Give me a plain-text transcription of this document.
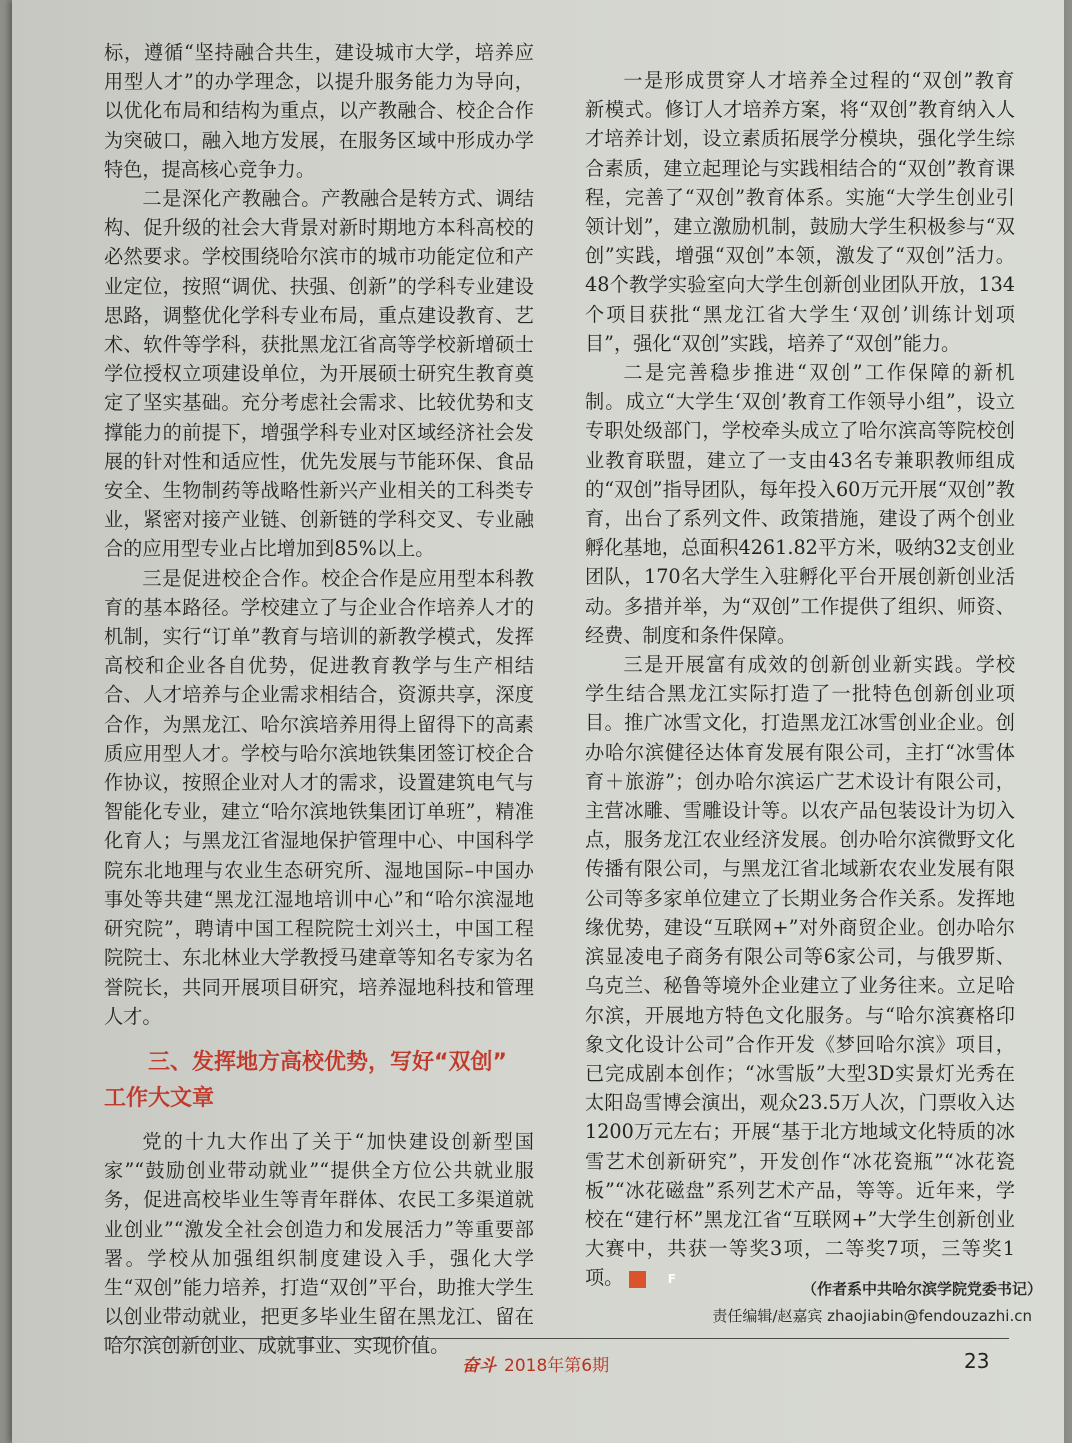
标，遵循“坚持融合共生，建设城市大学，培养应用型人才”的办学理念，以提升服务能力为导向，以优化布局和结构为重点，以产教融合、校企合作为突破口，融入地方发展，在服务区域中形成办学特色，提高核心竞争力。

二是深化产教融合。产教融合是转方式、调结构、促升级的社会大背景对新时期地方本科高校的必然要求。学校围绕哈尔滨市的城市功能定位和产业定位，按照“调优、扶强、创新”的学科专业建设思路，调整优化学科专业布局，重点建设教育、艺术、软件等学科，获批黑龙江省高等学校新增硕士学位授权立项建设单位，为开展硕士研究生教育奠定了坚实基础。充分考虑社会需求、比较优势和支撑能力的前提下，增强学科专业对区域经济社会发展的针对性和适应性，优先发展与节能环保、食品安全、生物制药等战略性新兴产业相关的工科类专业，紧密对接产业链、创新链的学科交叉、专业融合的应用型专业占比增加到85%以上。

三是促进校企合作。校企合作是应用型本科教育的基本路径。学校建立了与企业合作培养人才的机制，实行“订单”教育与培训的新教学模式，发挥高校和企业各自优势，促进教育教学与生产相结合、人才培养与企业需求相结合，资源共享，深度合作，为黑龙江、哈尔滨培养用得上留得下的高素质应用型人才。学校与哈尔滨地铁集团签订校企合作协议，按照企业对人才的需求，设置建筑电气与智能化专业，建立“哈尔滨地铁集团订单班”，精准化育人；与黑龙江省湿地保护管理中心、中国科学院东北地理与农业生态研究所、湿地国际–中国办事处等共建“黑龙江湿地培训中心”和“哈尔滨湿地研究院”，聘请中国工程院院士刘兴土，中国工程院院士、东北林业大学教授马建章等知名专家为名誉院长，共同开展项目研究，培养湿地科技和管理人才。

三、发挥地方高校优势，写好“双创”
工作大文章

党的十九大作出了关于“加快建设创新型国家”“鼓励创业带动就业”“提供全方位公共就业服务，促进高校毕业生等青年群体、农民工多渠道就业创业”“激发全社会创造力和发展活力”等重要部署。学校从加强组织制度建设入手，强化大学生“双创”能力培养，打造“双创”平台，助推大学生以创业带动就业，把更多毕业生留在黑龙江、留在哈尔滨创新创业、成就事业、实现价值。

一是形成贯穿人才培养全过程的“双创”教育新模式。修订人才培养方案，将“双创”教育纳入人才培养计划，设立素质拓展学分模块，强化学生综合素质，建立起理论与实践相结合的“双创”教育课程，完善了“双创”教育体系。实施“大学生创业引领计划”，建立激励机制，鼓励大学生积极参与“双创”实践，增强“双创”本领，激发了“双创”活力。48个教学实验室向大学生创新创业团队开放，134个项目获批“黑龙江省大学生‘双创’训练计划项目”，强化“双创”实践，培养了“双创”能力。

二是完善稳步推进“双创”工作保障的新机制。成立“大学生‘双创’教育工作领导小组”，设立专职处级部门，学校牵头成立了哈尔滨高等院校创业教育联盟，建立了一支由43名专兼职教师组成的“双创”指导团队，每年投入60万元开展“双创”教育，出台了系列文件、政策措施，建设了两个创业孵化基地，总面积4261.82平方米，吸纳32支创业团队，170名大学生入驻孵化平台开展创新创业活动。多措并举，为“双创”工作提供了组织、师资、经费、制度和条件保障。

三是开展富有成效的创新创业新实践。学校学生结合黑龙江实际打造了一批特色创新创业项目。推广冰雪文化，打造黑龙江冰雪创业企业。创办哈尔滨健径达体育发展有限公司，主打“冰雪体育＋旅游”；创办哈尔滨运广艺术设计有限公司，主营冰雕、雪雕设计等。以农产品包装设计为切入点，服务龙江农业经济发展。创办哈尔滨微野文化传播有限公司，与黑龙江省北域新农农业发展有限公司等多家单位建立了长期业务合作关系。发挥地缘优势，建设“互联网+”对外商贸企业。创办哈尔滨显凌电子商务有限公司等6家公司，与俄罗斯、乌克兰、秘鲁等境外企业建立了业务往来。立足哈尔滨，开展地方特色文化服务。与“哈尔滨赛格印象文化设计公司”合作开发《梦回哈尔滨》项目，已完成剧本创作；“冰雪版”大型3D实景灯光秀在太阳岛雪博会演出，观众23.5万人次，门票收入达1200万元左右；开展“基于北方地域文化特质的冰雪艺术创新研究”，开发创作“冰花瓷瓶”“冰花瓷板”“冰花磁盘”系列艺术产品，等等。近年来，学校在“建行杯”黑龙江省“互联网+”大学生创新创业大赛中，共获一等奖3项，二等奖7项，三等奖1项。	F

（作者系中共哈尔滨学院党委书记）
责任编辑/赵嘉宾 zhaojiabin@fendouzazhi.cn
奋斗 2018年第6期	23
